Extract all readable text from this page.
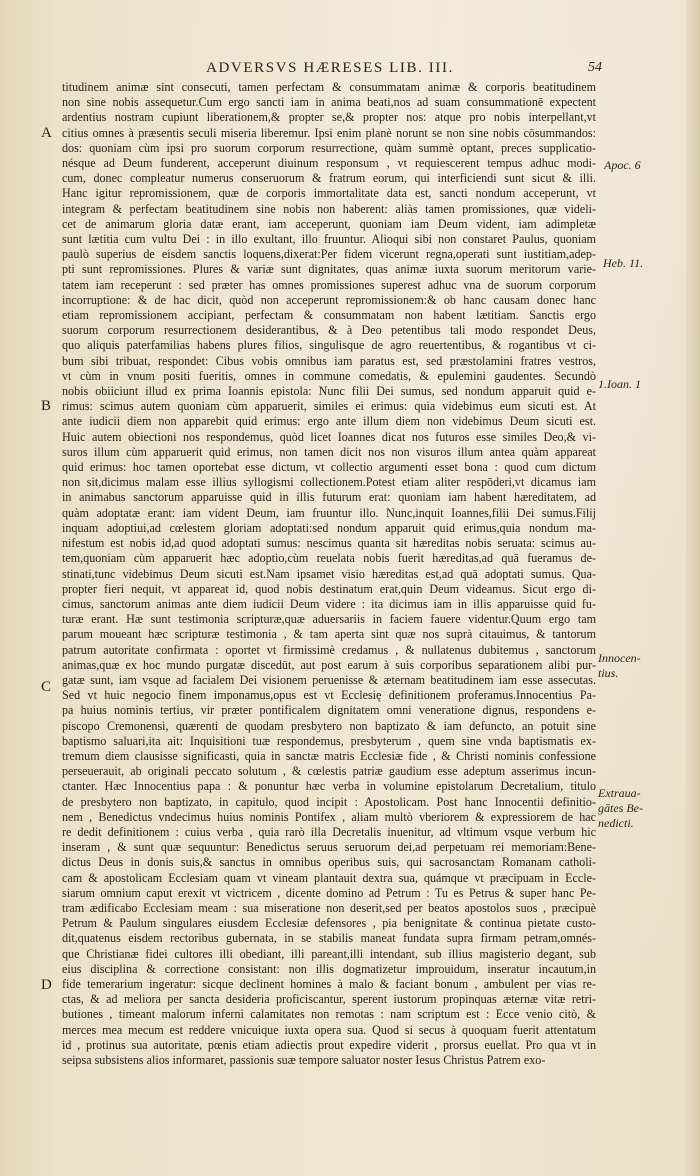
ADVERSVS HÆRESES LIB. III.	54
A
B
C
D
Apoc. 6
Heb. 11.
1.Ioan. 1
Innocen-
tius.
Extraua-
gātes Be-
nedicti.
titudinem animæ sint consecuti, tamen perfectam & consummatam animæ & corporis beatitudinem
non sine nobis assequetur.Cum ergo sancti iam in anima beati,nos ad suam consummationē expectent
ardentius nostram cupiunt liberationem,& propter se,& propter nos: atque pro nobis interpellant,vt
citius omnes à præsentis seculi miseria liberemur. Ipsi enim planè norunt se non sine nobis cōsummandos:
dos: quoniam cùm ipsi pro suorum corporum resurrectione, quàm summè optant, preces supplicatio-
nésque ad Deum funderent, acceperunt diuinum responsum , vt requiescerent tempus adhuc modi-
cum, donec compleatur numerus conseruorum & fratrum eorum, qui interficiendi sunt sicut & illi.
Hanc igitur repromissionem, quæ de corporis immortalitate data est, sancti nondum acceperunt, vt
integram & perfectam beatitudinem sine nobis non haberent: aliàs tamen promissiones, quæ videli-
cet de animarum gloria datæ erant, iam acceperunt, quoniam iam Deum vident, iam adimpletæ
sunt lætitia cum vultu Dei : in illo exultant, illo fruuntur. Alioqui sibi non constaret Paulus, quoniam
paulò superius de eisdem sanctis loquens,dixerat:Per fidem vicerunt regna,operati sunt iustitiam,adep-
pti sunt repromissiones. Plures & variæ sunt dignitates, quas animæ iuxta suorum meritorum varie-
tatem iam receperunt : sed præter has omnes promissiones superest adhuc vna de suorum corporum
incorruptione: & de hac dicit, quòd non acceperunt repromissionem:& ob hanc causam donec hanc
etiam repromissionem accipiant, perfectam & consummatam non habent lætitiam. Sanctis ergo
suorum corporum resurrectionem desiderantibus, & à Deo petentibus tali modo respondet Deus,
quo aliquis paterfamilias habens plures filios, singulisque de agro reuertentibus, & rogantibus vt ci-
bum sibi tribuat, respondet: Cibus vobis omnibus iam paratus est, sed præstolamini fratres vestros,
vt cùm in vnum positi fueritis, omnes in commune comedatis, & epulemini gaudentes. Secundò
nobis obiiciunt illud ex prima Ioannis epistola: Nunc filii Dei sumus, sed nondum apparuit quid e-
rimus: scimus autem quoniam cùm apparuerit, similes ei erimus: quia videbimus eum sicuti est. At
ante iudicii diem non apparebit quid erimus: ergo ante illum diem non videbimus Deum sicuti est.
Huic autem obiectioni nos respondemus, quòd licet Ioannes dicat nos futuros esse similes Deo,& vi-
suros illum cùm apparuerit quid erimus, non tamen dicit nos non visuros illum antea quàm appareat
quid erimus: hoc tamen oportebat esse dictum, vt collectio argumenti esset bona : quod cum dictum
non sit,dicimus malam esse illius syllogismi collectionem.Potest etiam aliter respōderi,vt dicamus iam
in animabus sanctorum apparuisse quid in illis futurum erat: quoniam iam habent hæreditatem, ad
quàm adoptatæ erant: iam vident Deum, iam fruuntur illo. Nunc,inquit Ioannes,filii Dei sumus.Filij
inquam adoptiui,ad cœlestem gloriam adoptati:sed nondum apparuit quid erimus,quia nondum ma-
nifestum est nobis id,ad quod adoptati sumus: nescimus quanta sit hæreditas nobis seruata: scimus au-
tem,quoniam cùm apparuerit hæc adoptio,cùm reuelata nobis fuerit hæreditas,ad quā fueramus de-
stinati,tunc videbimus Deum sicuti est.Nam ipsamet visio hæreditas est,ad quā adoptati sumus. Qua-
propter fieri nequit, vt appareat id, quod nobis destinatum erat,quin Deum videamus. Sicut ergo di-
cimus, sanctorum animas ante diem iudicii Deum videre : ita dicimus iam in illis apparuisse quid fu-
turæ erant. Hæ sunt testimonia scripturæ,quæ aduersariis in faciem fauere videntur.Quum ergo tam
parum moueant hæc scripturæ testimonia , & tam aperta sint quæ nos suprà citauimus, & tantorum
patrum autoritate confirmata : oportet vt firmissimè credamus , & nullatenus dubitemus , sanctorum
animas,quæ ex hoc mundo purgatæ discedūt, aut post earum à suis corporibus separationem alibi pur-
gatæ sunt, iam vsque ad facialem Dei visionem peruenisse & æternam beatitudinem iam esse assecutas.
Sed vt huic negocio finem imponamus,opus est vt Ecclesię definitionem proferamus.Innocentius Pa-
pa huius nominis tertius, vir præter pontificalem dignitatem omni veneratione dignus, respondens e-
piscopo Cremonensi, quærenti de quodam presbytero non baptizato & iam defuncto, an potuit sine
baptismo saluari,ita ait: Inquisitioni tuæ respondemus, presbyterum , quem sine vnda baptismatis ex-
tremum diem clausisse significasti, quia in sanctæ matris Ecclesiæ fide , & Christi nominis confessione
perseuerauit, ab originali peccato solutum , & cœlestis patriæ gaudium esse adeptum asserimus incun-
ctanter. Hæc Innocentius papa : & ponuntur hæc verba in volumine epistolarum Decretalium, titulo
de presbytero non baptizato, in capitulo, quod incipit : Apostolicam. Post hanc Innocentii definitio-
nem , Benedictus vndecimus huius nominis Pontifex , aliam multò vberiorem & expressiorem de hac
re dedit definitionem : cuius verba , quia rarò illa Decretalis inuenitur, ad vltimum vsque verbum hic
inseram , & sunt quæ sequuntur: Benedictus seruus seruorum dei,ad perpetuam rei memoriam:Bene-
dictus Deus in donis suis,& sanctus in omnibus operibus suis, qui sacrosanctam Romanam catholi-
cam & apostolicam Ecclesiam quam vt vineam plantauit dextra sua, quámque vt præcipuam in Eccle-
siarum omnium caput erexit vt victricem , dicente domino ad Petrum : Tu es Petrus & super hanc Pe-
tram ædificabo Ecclesiam meam : sua miseratione non deserit,sed per beatos apostolos suos , præcipuè
Petrum & Paulum singulares eiusdem Ecclesiæ defensores , pia benignitate & continua pietate custo-
dit,quatenus eisdem rectoribus gubernata, in se stabilis maneat fundata supra firmam petram,omnés-
que Christianæ fidei cultores illi obediant, illi pareant,illi intendant, sub illius magisterio degant, sub
eius disciplina & correctione consistant: non illis dogmatizetur improuidum, inseratur incautum,in
fide temerarium ingeratur: sicque declinent homines à malo & faciant bonum , ambulent per vias re-
ctas, & ad meliora per sancta desideria proficiscantur, sperent iustorum propinquas æternæ vitæ retri-
butiones , timeant malorum inferni calamitates non remotas : nam scriptum est : Ecce venio citò, &
merces mea mecum est reddere vnicuique iuxta opera sua. Quod si secus à quoquam fuerit attentatum
id , protinus sua autoritate, pœnis etiam adiectis prout expedire viderit , prorsus euellat. Pro qua vt in
seipsa subsistens alios informaret, passionis suæ tempore saluator noster Iesus Christus Patrem exo-
